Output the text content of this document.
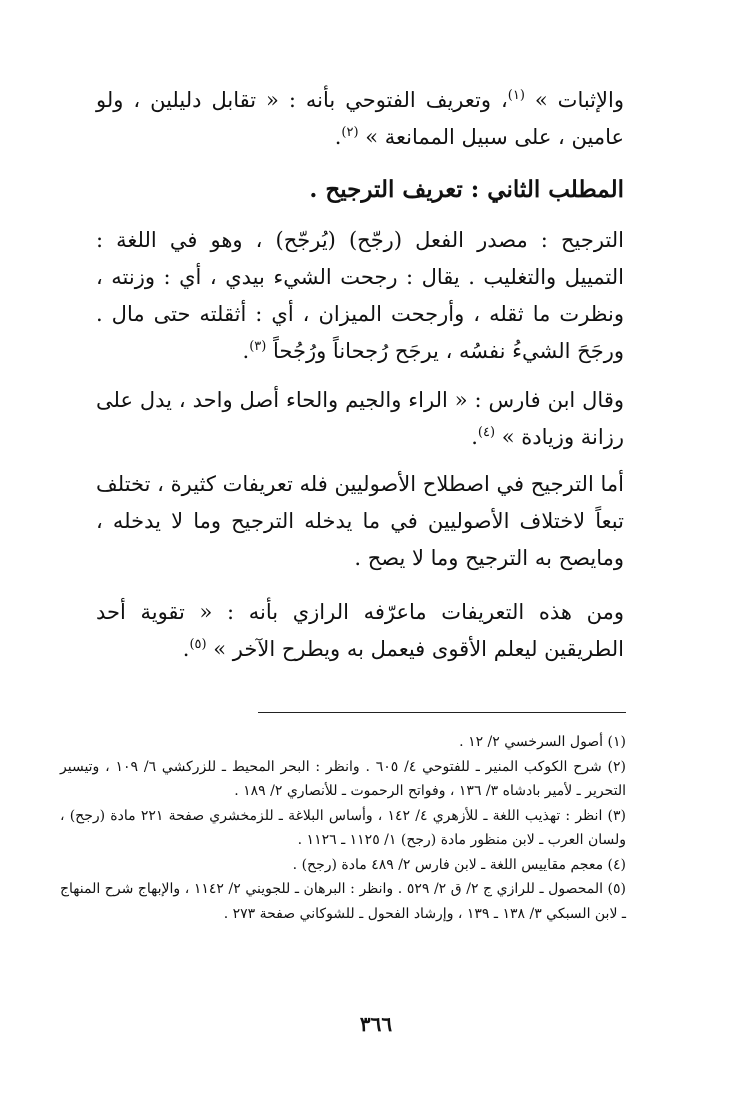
والإثبات » $^{(١)}$، وتعريف الفتوحي بأنه : « تقابل دليلين ، ولو عامين ، على سبيل الممانعة » $^{(٢)}$.

المطلب الثاني : تعريف الترجيح .

الترجيح : مصدر الفعل (رجّح) (يُرجّح) ، وهو في اللغة : التمييل والتغليب . يقال : رجحت الشيء بيدي ، أي : وزنته ، ونظرت ما ثقله ، وأرجحت الميزان ، أي : أثقلته حتى مال . ورجَحَ الشيءُ نفسُه ، يرجَح رُجحاناً ورُجُحاً $^{(٣)}$.

وقال ابن فارس : « الراء والجيم والحاء أصل واحد ، يدل على رزانة وزيادة » $^{(٤)}$.

أما الترجيح في اصطلاح الأصوليين فله تعريفات كثيرة ، تختلف تبعاً لاختلاف الأصوليين في ما يدخله الترجيح وما لا يدخله ، ومايصح به الترجيح وما لا يصح .

ومن هذه التعريفات ماعرّفه الرازي بأنه : « تقوية أحد الطريقين ليعلم الأقوى فيعمل به ويطرح الآخر » $^{(٥)}$.

(١) أصول السرخسي ٢/ ١٢ .

(٢) شرح الكوكب المنير ـ للفتوحي ٤/ ٦٠٥ . وانظر : البحر المحيط ـ للزركشي ٦/ ١٠٩ ، وتيسير التحرير ـ لأمير بادشاه ٣/ ١٣٦ ، وفواتح الرحموت ـ للأنصاري ٢/ ١٨٩ .

(٣) انظر : تهذيب اللغة ـ للأزهري ٤/ ١٤٢ ، وأساس البلاغة ـ للزمخشري صفحة ٢٢١ مادة (رجح) ، ولسان العرب ـ لابن منظور مادة (رجح) ١/ ١١٢٥ ـ ١١٢٦ .

(٤) معجم مقاييس اللغة ـ لابن فارس ٢/ ٤٨٩ مادة (رجح) .

(٥) المحصول ـ للرازي ج ٢/ ق ٢/ ٥٢٩ . وانظر : البرهان ـ للجويني ٢/ ١١٤٢ ، والإبهاج شرح المنهاج ـ لابن السبكي ٣/ ١٣٨ ـ ١٣٩ ، وإرشاد الفحول ـ للشوكاني صفحة ٢٧٣ .

٣٦٦
